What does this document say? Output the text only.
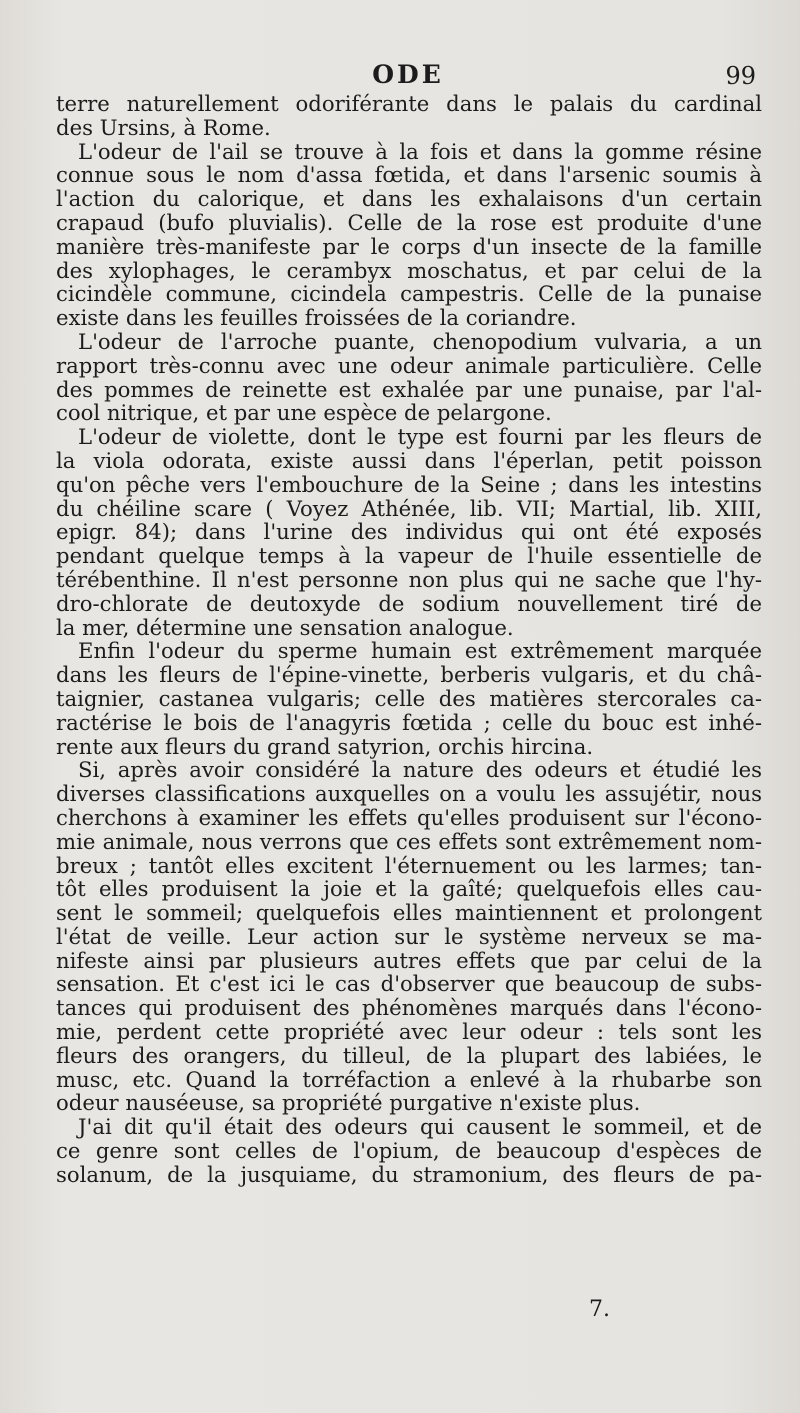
ODE	99
terre naturellement odoriférante dans le palais du cardinal
des Ursins, à Rome.
L'odeur de l'ail se trouve à la fois et dans la gomme résine
connue sous le nom d'assa fœtida, et dans l'arsenic soumis à
l'action du calorique, et dans les exhalaisons d'un certain
crapaud (bufo pluvialis). Celle de la rose est produite d'une
manière très-manifeste par le corps d'un insecte de la famille
des xylophages, le cerambyx moschatus, et par celui de la
cicindèle commune, cicindela campestris. Celle de la punaise
existe dans les feuilles froissées de la coriandre.
L'odeur de l'arroche puante, chenopodium vulvaria, a un
rapport très-connu avec une odeur animale particulière. Celle
des pommes de reinette est exhalée par une punaise, par l'al-
cool nitrique, et par une espèce de pelargone.
L'odeur de violette, dont le type est fourni par les fleurs de
la viola odorata, existe aussi dans l'éperlan, petit poisson
qu'on pêche vers l'embouchure de la Seine ; dans les intestins
du chéiline scare ( Voyez Athénée, lib. VII; Martial, lib. XIII,
epigr. 84); dans l'urine des individus qui ont été exposés
pendant quelque temps à la vapeur de l'huile essentielle de
térébenthine. Il n'est personne non plus qui ne sache que l'hy-
dro-chlorate de deutoxyde de sodium nouvellement tiré de
la mer, détermine une sensation analogue.
Enfin l'odeur du sperme humain est extrêmement marquée
dans les fleurs de l'épine-vinette, berberis vulgaris, et du châ-
taignier, castanea vulgaris; celle des matières stercorales ca-
ractérise le bois de l'anagyris fœtida ; celle du bouc est inhé-
rente aux fleurs du grand satyrion, orchis hircina.
Si, après avoir considéré la nature des odeurs et étudié les
diverses classifications auxquelles on a voulu les assujétir, nous
cherchons à examiner les effets qu'elles produisent sur l'écono-
mie animale, nous verrons que ces effets sont extrêmement nom-
breux ; tantôt elles excitent l'éternuement ou les larmes; tan-
tôt elles produisent la joie et la gaîté; quelquefois elles cau-
sent le sommeil; quelquefois elles maintiennent et prolongent
l'état de veille. Leur action sur le système nerveux se ma-
nifeste ainsi par plusieurs autres effets que par celui de la
sensation. Et c'est ici le cas d'observer que beaucoup de subs-
tances qui produisent des phénomènes marqués dans l'écono-
mie, perdent cette propriété avec leur odeur : tels sont les
fleurs des orangers, du tilleul, de la plupart des labiées, le
musc, etc. Quand la torréfaction a enlevé à la rhubarbe son
odeur nauséeuse, sa propriété purgative n'existe plus.
J'ai dit qu'il était des odeurs qui causent le sommeil, et de
ce genre sont celles de l'opium, de beaucoup d'espèces de
solanum, de la jusquiame, du stramonium, des fleurs de pa-
7.
